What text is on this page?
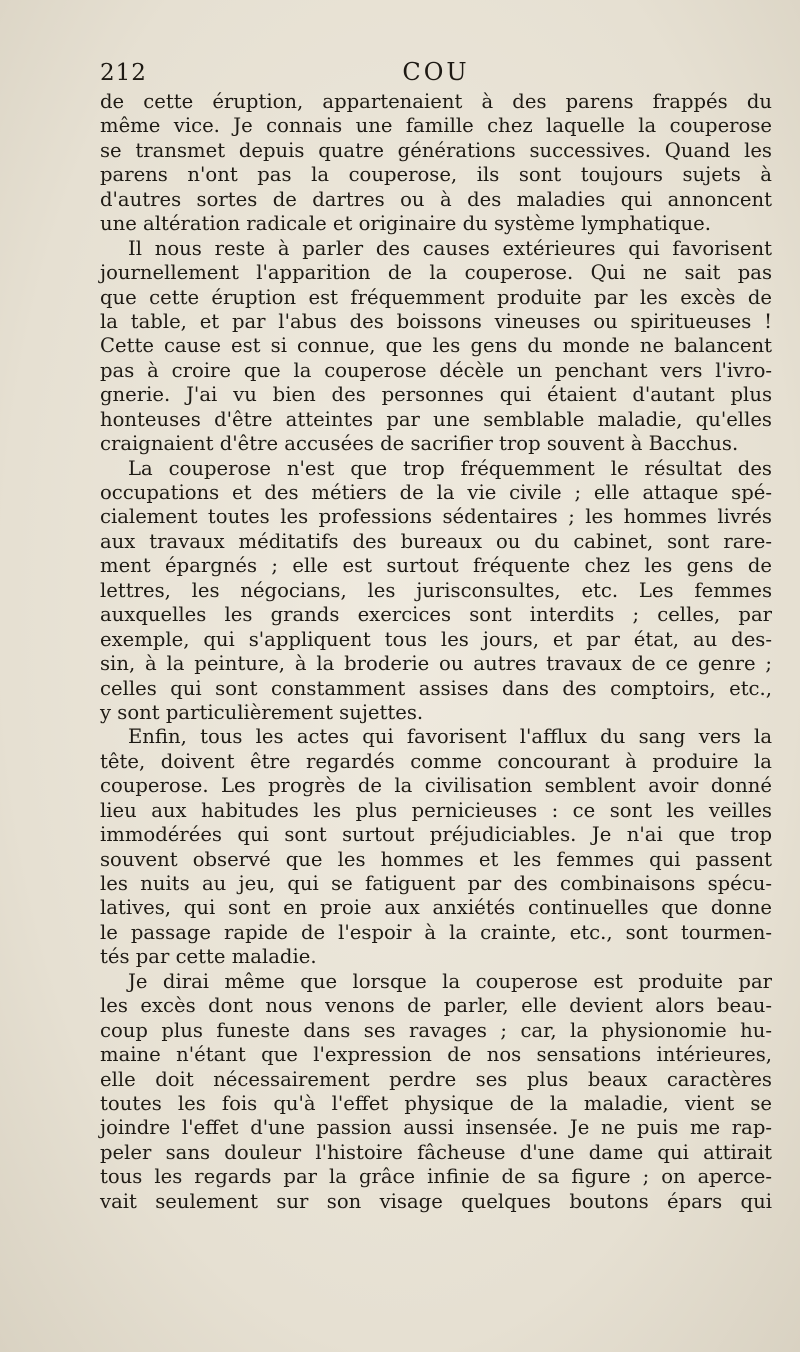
212	COU
de cette éruption, appartenaient à des parens frappés du
même vice. Je connais une famille chez laquelle la couperose
se transmet depuis quatre générations successives. Quand les
parens n'ont pas la couperose, ils sont toujours sujets à
d'autres sortes de dartres ou à des maladies qui annoncent
une altération radicale et originaire du système lymphatique.
Il nous reste à parler des causes extérieures qui favorisent
journellement l'apparition de la couperose. Qui ne sait pas
que cette éruption est fréquemment produite par les excès de
la table, et par l'abus des boissons vineuses ou spiritueuses !
Cette cause est si connue, que les gens du monde ne balancent
pas à croire que la couperose décèle un penchant vers l'ivro-
gnerie. J'ai vu bien des personnes qui étaient d'autant plus
honteuses d'être atteintes par une semblable maladie, qu'elles
craignaient d'être accusées de sacrifier trop souvent à Bacchus.
La couperose n'est que trop fréquemment le résultat des
occupations et des métiers de la vie civile ; elle attaque spé-
cialement toutes les professions sédentaires ; les hommes livrés
aux travaux méditatifs des bureaux ou du cabinet, sont rare-
ment épargnés ; elle est surtout fréquente chez les gens de
lettres, les négocians, les jurisconsultes, etc. Les femmes
auxquelles les grands exercices sont interdits ; celles, par
exemple, qui s'appliquent tous les jours, et par état, au des-
sin, à la peinture, à la broderie ou autres travaux de ce genre ;
celles qui sont constamment assises dans des comptoirs, etc.,
y sont particulièrement sujettes.
Enfin, tous les actes qui favorisent l'afflux du sang vers la
tête, doivent être regardés comme concourant à produire la
couperose. Les progrès de la civilisation semblent avoir donné
lieu aux habitudes les plus pernicieuses : ce sont les veilles
immodérées qui sont surtout préjudiciables. Je n'ai que trop
souvent observé que les hommes et les femmes qui passent
les nuits au jeu, qui se fatiguent par des combinaisons spécu-
latives, qui sont en proie aux anxiétés continuelles que donne
le passage rapide de l'espoir à la crainte, etc., sont tourmen-
tés par cette maladie.
Je dirai même que lorsque la couperose est produite par
les excès dont nous venons de parler, elle devient alors beau-
coup plus funeste dans ses ravages ; car, la physionomie hu-
maine n'étant que l'expression de nos sensations intérieures,
elle doit nécessairement perdre ses plus beaux caractères
toutes les fois qu'à l'effet physique de la maladie, vient se
joindre l'effet d'une passion aussi insensée. Je ne puis me rap-
peler sans douleur l'histoire fâcheuse d'une dame qui attirait
tous les regards par la grâce infinie de sa figure ; on aperce-
vait seulement sur son visage quelques boutons épars qui
